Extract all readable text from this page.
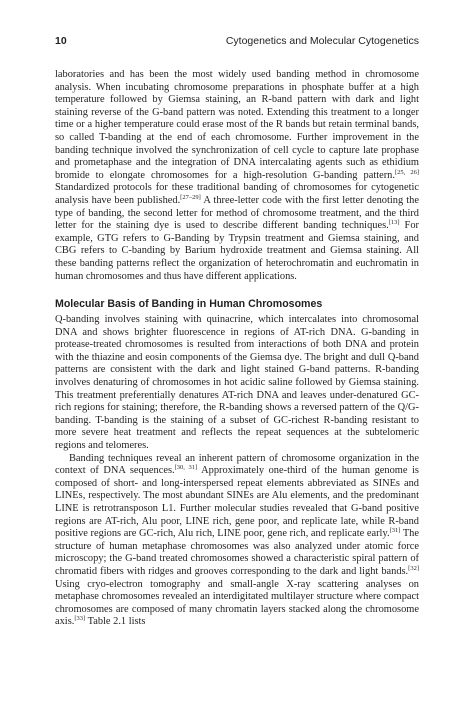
10	Cytogenetics and Molecular Cytogenetics

laboratories and has been the most widely used banding method in chromosome analysis. When incubating chromosome preparations in phosphate buffer at a high temperature followed by Giemsa staining, an R-band pattern with dark and light staining reverse of the G-band pattern was noted. Extending this treatment to a longer time or a higher temperature could erase most of the R bands but retain terminal bands, so called T-banding at the end of each chromosome. Further improvement in the banding technique involved the synchronization of cell cycle to capture late prophase and prometaphase and the integration of DNA intercalating agents such as ethidium bromide to elongate chromosomes for a high-resolution G-banding pattern.[25, 26] Standardized protocols for these traditional banding of chromosomes for cytogenetic analysis have been published.[27–29] A three-letter code with the first letter denoting the type of banding, the second letter for method of chromosome treatment, and the third letter for the staining dye is used to describe different banding techniques.[13] For example, GTG refers to G-Banding by Trypsin treatment and Giemsa staining, and CBG refers to C-banding by Barium hydroxide treatment and Giemsa staining. All these banding patterns reflect the organization of heterochromatin and euchromatin in human chromosomes and thus have different applications.

Molecular Basis of Banding in Human Chromosomes

Q-banding involves staining with quinacrine, which intercalates into chromosomal DNA and shows brighter fluorescence in regions of AT-rich DNA. G-banding in protease-treated chromosomes is resulted from interactions of both DNA and protein with the thiazine and eosin components of the Giemsa dye. The bright and dull Q-band patterns are consistent with the dark and light stained G-band patterns. R-banding involves denaturing of chromosomes in hot acidic saline followed by Giemsa staining. This treatment preferentially denatures AT-rich DNA and leaves under-denatured GC-rich regions for staining; therefore, the R-banding shows a reversed pattern of the Q/G-banding. T-banding is the staining of a subset of GC-richest R-banding resistant to more severe heat treatment and reflects the repeat sequences at the subtelomeric regions and telomeres.

Banding techniques reveal an inherent pattern of chromosome organization in the context of DNA sequences.[30, 31] Approximately one-third of the human genome is composed of short- and long-interspersed repeat elements abbreviated as SINEs and LINEs, respectively. The most abundant SINEs are Alu elements, and the predominant LINE is retrotransposon L1. Further molecular studies revealed that G-band positive regions are AT-rich, Alu poor, LINE rich, gene poor, and replicate late, while R-band positive regions are GC-rich, Alu rich, LINE poor, gene rich, and replicate early.[31] The structure of human metaphase chromosomes was also analyzed under atomic force microscopy; the G-band treated chromosomes showed a characteristic spiral pattern of chromatid fibers with ridges and grooves corresponding to the dark and light bands.[32] Using cryo-electron tomography and small-angle X-ray scattering analyses on metaphase chromosomes revealed an interdigitated multilayer structure where compact chromosomes are composed of many chromatin layers stacked along the chromosome axis.[33] Table 2.1 lists
